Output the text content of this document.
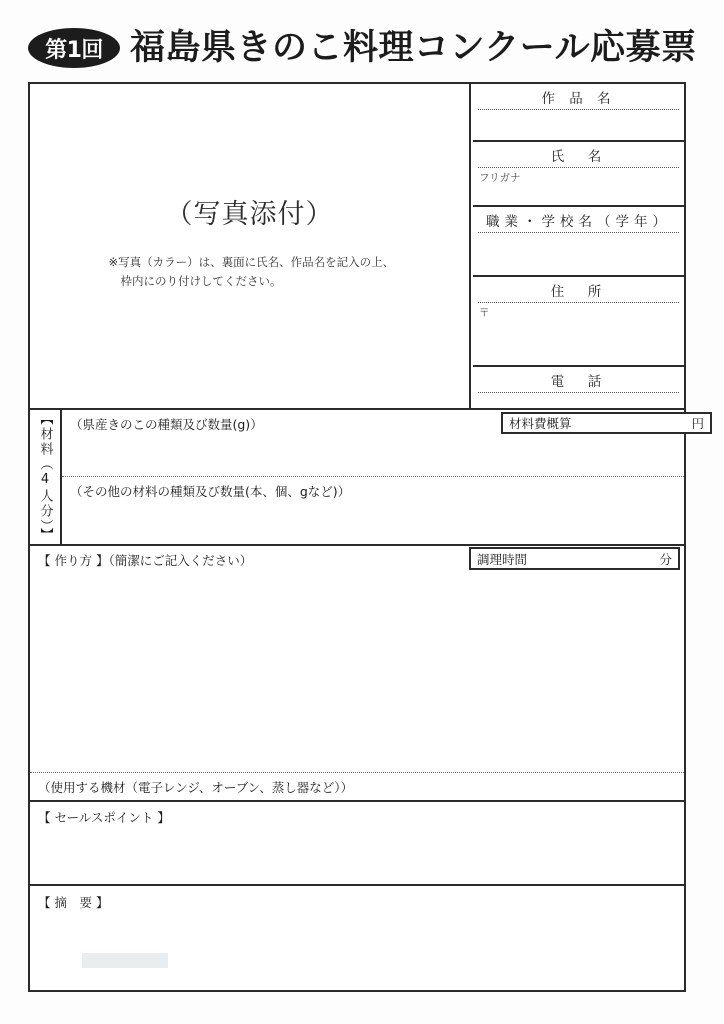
第1回 福島県きのこ料理コンクール応募票
（写真添付）
※写真（カラー）は、裏面に氏名、作品名を記入の上、
枠内にのり付けしてください。
作 品 名
氏　名
フリガナ
職業・学校名（学年）
住　所
〒
電　話
【材料（4人分）】	（県産きのこの種類及び数量(g)）	材料費概算	円
（その他の材料の種類及び数量(本、個、gなど)）
【 作り方 】（簡潔にご記入ください）	調理時間	分
（使用する機材（電子レンジ、オーブン、蒸し器など））
【 セールスポイント 】
【 摘　要 】
